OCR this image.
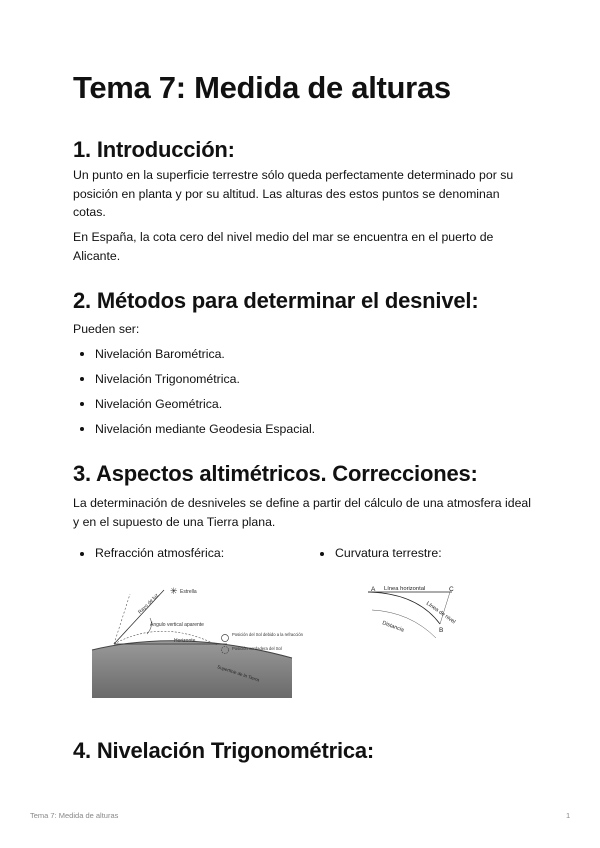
Tema 7: Medida de alturas
1. Introducción:

Un punto en la superficie terrestre sólo queda perfectamente determinado por su posición en planta y por su altitud. Las alturas des estos puntos se denominan cotas.

En España, la cota cero del nivel medio del mar se encuentra en el puerto de Alicante.

2. Métodos para determinar el desnivel:

Pueden ser:

Nivelación Barométrica.
Nivelación Trigonométrica.
Nivelación Geométrica.
Nivelación mediante Geodesia Espacial.
3. Aspectos altimétricos. Correcciones:

La determinación de desniveles se define a partir del cálculo de una atmosfera ideal y en el supuesto de una Tierra plana.

Refracción atmosférica:	Curvatura terrestre:
✳ Estrella
Rayo de luz
Ángulo vertical aparente
Horizonte
Posición del Sol debido a la refracción
Posición verdadera del Sol
Superficie de la Tierra
A	C
B
Línea horizontal
Línea de nivel
Distancia
4. Nivelación Trigonométrica:
Tema 7: Medida de alturas	1
